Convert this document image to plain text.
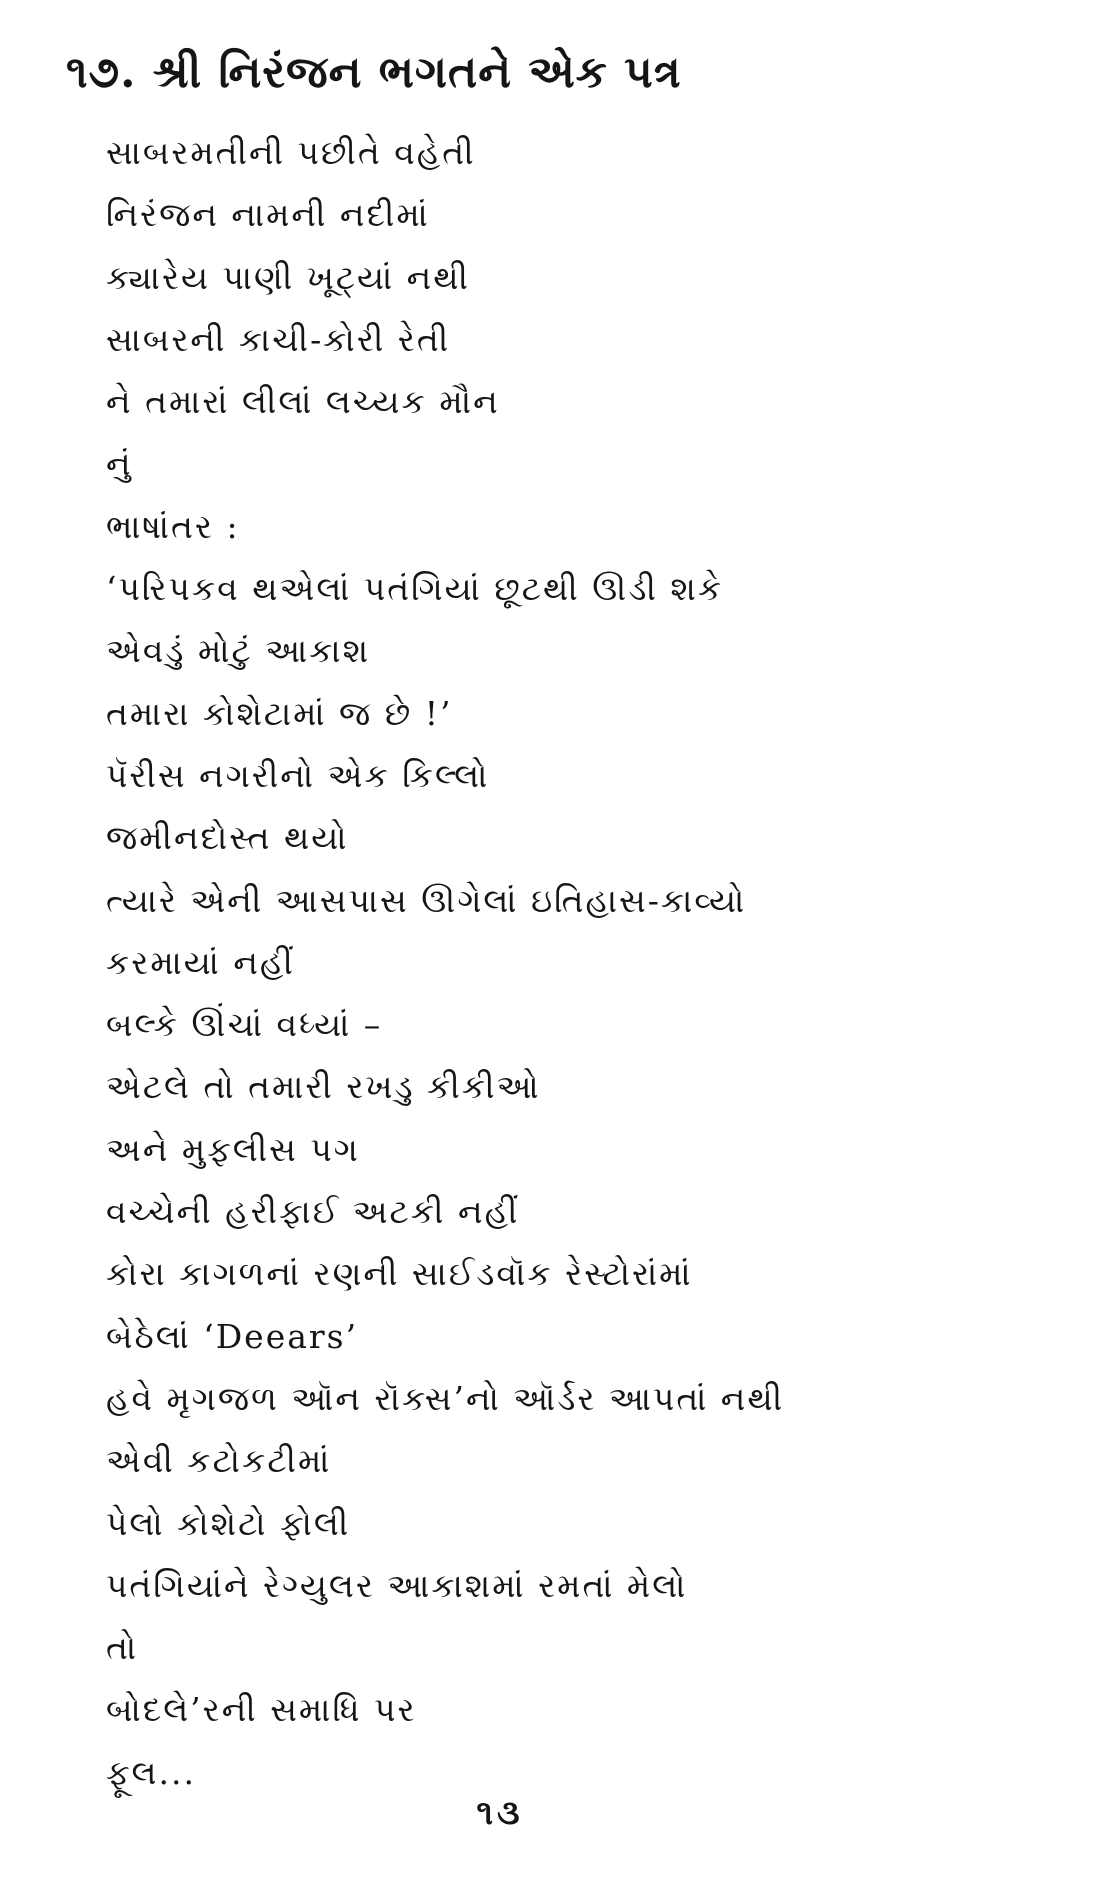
૧૭. શ્રી નિરંજન ભગતને એક પત્ર
સાબરમતીની પછીતે વહેતી
નિરંજન નામની નદીમાં
ક્યારેય પાણી ખૂટ્યાં નથી
સાબરની કાચી-કોરી રેતી
ને તમારાં લીલાં લચ્યક મૌન
નું
ભાષાંતર :
‘પરિપકવ થએલાં પતંગિયાં છૂટથી ઊડી શકે
એવડું મોટું આકાશ
તમારા કોશેટામાં જ છે !’
પૅરીસ નગરીનો એક કિલ્લો
જમીનદોસ્ત થયો
ત્યારે એની આસપાસ ઊગેલાં ઇતિહાસ-કાવ્યો
કરમાયાં નહીં
બલ્કે ઊંચાં વધ્યાં –
એટલે તો તમારી રખડુ કીકીઓ
અને મુફલીસ પગ
વચ્ચેની હરીફાઈ અટકી નહીં
કોરા કાગળનાં રણની સાઈડવૉક રેસ્ટોરાંમાં
બેઠેલાં ‘Deears’
હવે મૃગજળ ઑન રૉક્સ’નો ઑર્ડર આપતાં નથી
એવી કટોકટીમાં
પેલો કોશેટો ફોલી
પતંગિયાંને રેગ્યુલર આકાશમાં રમતાં મેલો
તો
બોદલે’રની સમાધિ પર
ફૂલ...
૧૩
